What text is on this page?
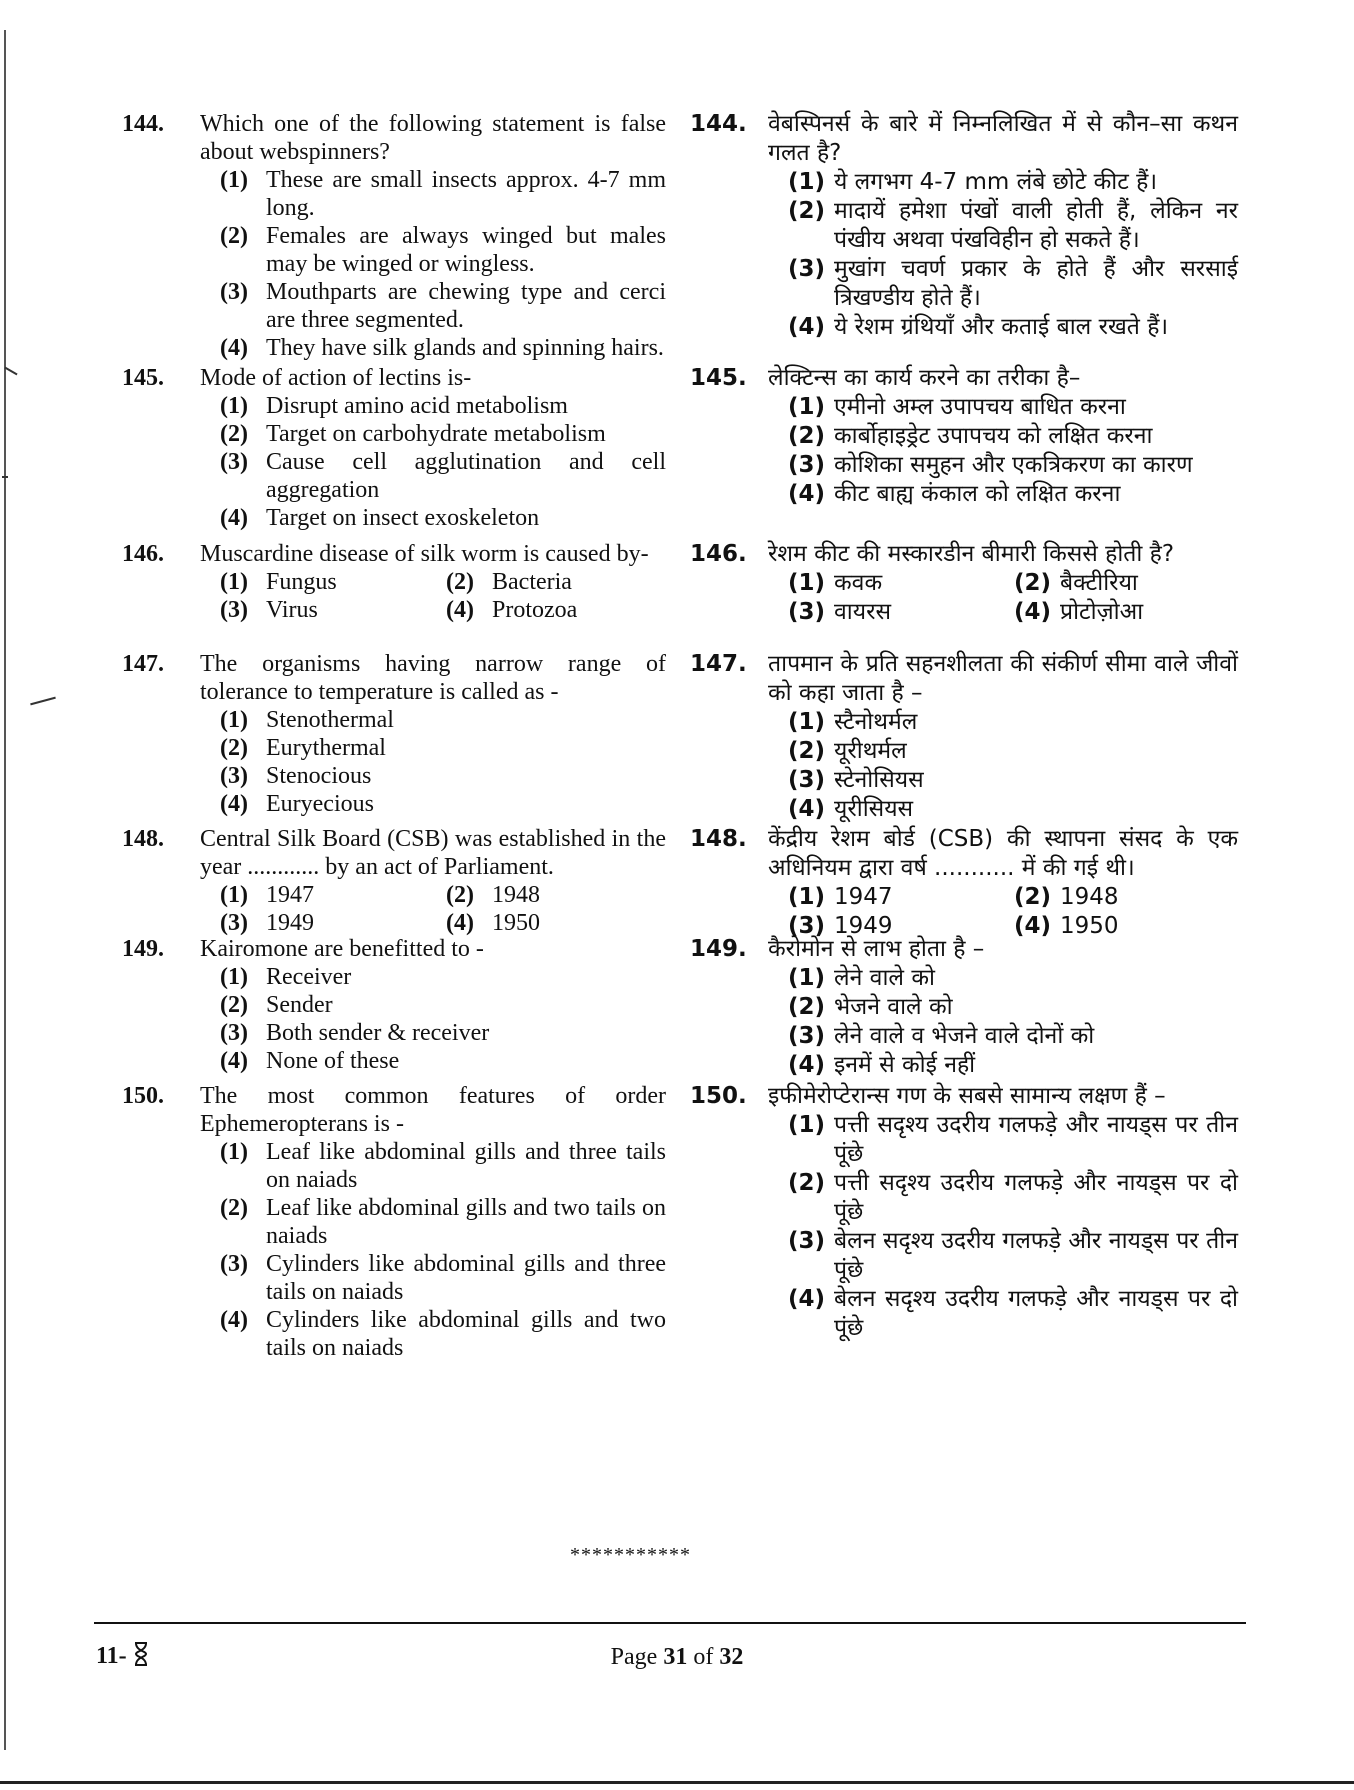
144.	Which one of the following statement is false about webspinners?
(1) These are small insects approx. 4-7 mm long.
(2) Females are always winged but males may be winged or wingless.
(3) Mouthparts are chewing type and cerci are three segmented.
(4) They have silk glands and spinning hairs.
145.	Mode of action of lectins is-
(1) Disrupt amino acid metabolism
(2) Target on carbohydrate metabolism
(3) Cause cell agglutination and cell aggregation
(4) Target on insect exoskeleton
146.	Muscardine disease of silk worm is caused by-
(1) Fungus	(2) Bacteria
(3) Virus	(4) Protozoa
147.	The organisms having narrow range of tolerance to temperature is called as -
(1) Stenothermal
(2) Eurythermal
(3) Stenocious
(4) Euryecious
148.	Central Silk Board (CSB) was established in the year ............ by an act of Parliament.
(1) 1947	(2) 1948
(3) 1949	(4) 1950
149.	Kairomone are benefitted to -
(1) Receiver
(2) Sender
(3) Both sender & receiver
(4) None of these
150.	The most common features of order Ephemeropterans is -
(1) Leaf like abdominal gills and three tails on naiads
(2) Leaf like abdominal gills and two tails on naiads
(3) Cylinders like abdominal gills and three tails on naiads
(4) Cylinders like abdominal gills and two tails on naiads
144. वेबस्पिनर्स के बारे में निम्नलिखित में से कौन–सा कथन गलत है?
(1) ये लगभग 4-7 mm लंबे छोटे कीट हैं।
(2) मादायें हमेशा पंखों वाली होती हैं, लेकिन नर पंखीय अथवा पंखविहीन हो सकते हैं।
(3) मुखांग चवर्ण प्रकार के होते हैं और सरसाई त्रिखण्डीय होते हैं।
(4) ये रेशम ग्रंथियाँ और कताई बाल रखते हैं।
145. लेक्टिन्स का कार्य करने का तरीका है–
(1) एमीनो अम्ल उपापचय बाधित करना
(2) कार्बोहाइड्रेट उपापचय को लक्षित करना
(3) कोशिका समुहन और एकत्रिकरण का कारण
(4) कीट बाह्य कंकाल को लक्षित करना
146. रेशम कीट की मस्कारडीन बीमारी किससे होती है?
(1) कवक	(2) बैक्टीरिया
(3) वायरस	(4) प्रोटोज़ोआ
147. तापमान के प्रति सहनशीलता की संकीर्ण सीमा वाले जीवों को कहा जाता है –
(1) स्टैनोथर्मल
(2) यूरीथर्मल
(3) स्टेनोसियस
(4) यूरीसियस
148. केंद्रीय रेशम बोर्ड (CSB) की स्थापना संसद के एक अधिनियम द्वारा वर्ष ........... में की गई थी।
(1) 1947	(2) 1948
(3) 1949	(4) 1950
149. कैरोमोन से लाभ होता है –
(1) लेने वाले को
(2) भेजने वाले को
(3) लेने वाले व भेजने वाले दोनों को
(4) इनमें से कोई नहीं
150. इफीमेरोप्टेरान्स गण के सबसे सामान्य लक्षण हैं –
(1) पत्ती सदृश्य उदरीय गलफड़े और नायड्स पर तीन पूंछे
(2) पत्ती सदृश्य उदरीय गलफड़े और नायड्स पर दो पूंछे
(3) बेलन सदृश्य उदरीय गलफड़े और नायड्स पर तीन पूंछे
(4) बेलन सदृश्य उदरीय गलफड़े और नायड्स पर दो पूंछे
***********
11-	Page 31 of 32
